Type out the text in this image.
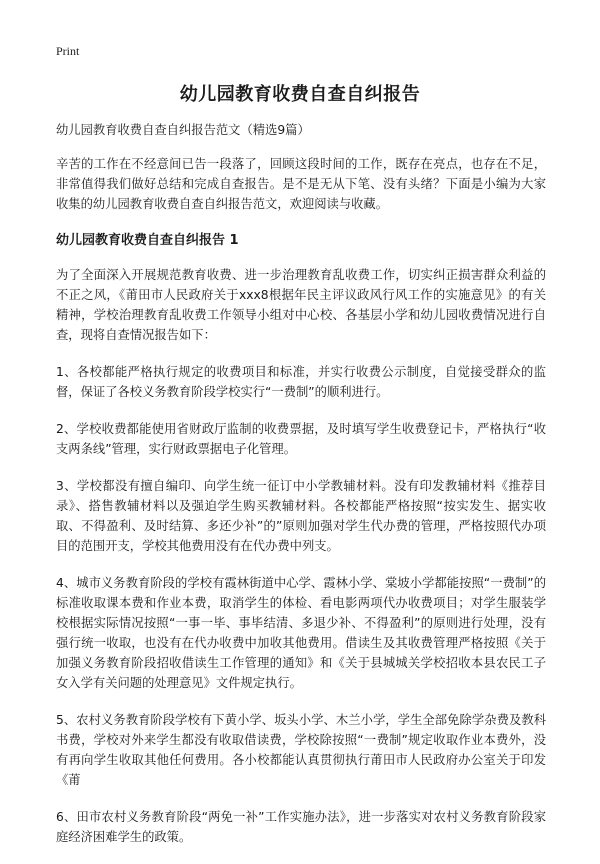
Print
幼儿园教育收费自查自纠报告

幼儿园教育收费自查自纠报告范文（精选9篇）

辛苦的工作在不经意间已告一段落了，回顾这段时间的工作，既存在亮点，也存在不足，非常值得我们做好总结和完成自查报告。是不是无从下笔、没有头绪？下面是小编为大家收集的幼儿园教育收费自查自纠报告范文，欢迎阅读与收藏。

幼儿园教育收费自查自纠报告 1

为了全面深入开展规范教育收费、进一步治理教育乱收费工作，切实纠正损害群众利益的不正之风，《莆田市人民政府关于xxx8根据年民主评议政风行风工作的实施意见》的有关精神，学校治理教育乱收费工作领导小组对中心校、各基层小学和幼儿园收费情况进行自查，现将自查情况报告如下：

1、各校都能严格执行规定的收费项目和标准，并实行收费公示制度，自觉接受群众的监督，保证了各校义务教育阶段学校实行“一费制”的顺利进行。

2、学校收费都能使用省财政厅监制的收费票据，及时填写学生收费登记卡，严格执行“收支两条线”管理，实行财政票据电子化管理。

3、学校都没有擅自编印、向学生统一征订中小学教辅材料。没有印发教辅材料《推荐目录》、搭售教辅材料以及强迫学生购买教辅材料。各校都能严格按照“按实发生、据实收取、不得盈利、及时结算、多还少补”的”原则加强对学生代办费的管理，严格按照代办项目的范围开支，学校其他费用没有在代办费中列支。

4、城市义务教育阶段的学校有霞林街道中心学、霞林小学、棠坡小学都能按照“一费制”的标准收取课本费和作业本费，取消学生的体检、看电影两项代办收费项目；对学生服装学校根据实际情况按照“一事一毕、事毕结清、多退少补、不得盈利”的原则进行处理，没有强行统一收取，也没有在代办收费中加收其他费用。借读生及其收费管理严格按照《关于加强义务教育阶段招收借读生工作管理的通知》和《关于县城城关学校招收本县农民工子女入学有关问题的处理意见》文件规定执行。

5、农村义务教育阶段学校有下黄小学、坂头小学、木兰小学，学生全部免除学杂费及教科书费，学校对外来学生都没有收取借读费，学校除按照“一费制”规定收取作业本费外，没有再向学生收取其他任何费用。各小校都能认真贯彻执行莆田市人民政府办公室关于印发《莆

6、田市农村义务教育阶段“两免一补”工作实施办法》，进一步落实对农村义务教育阶段家庭经济困难学生的政策。
